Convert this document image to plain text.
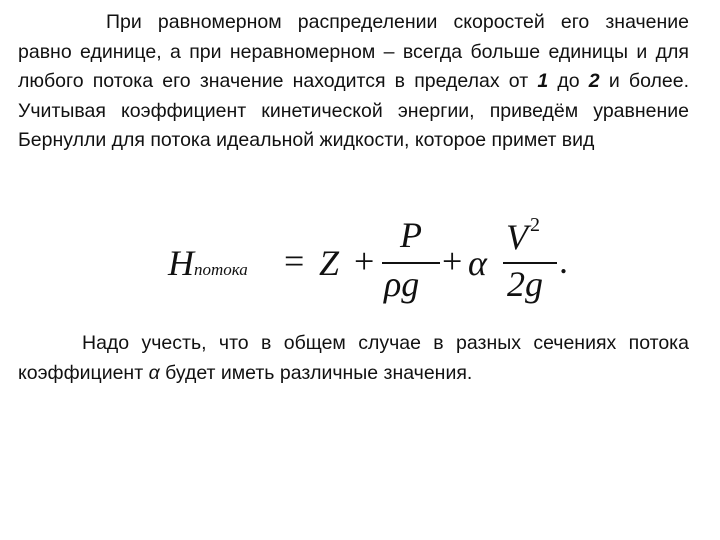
При равномерном распределении скоростей его значение равно единице, а при неравномерном – всегда больше единицы и для любого потока его значение находится в пределах от 1 до 2 и более. Учитывая коэффициент кинетической энергии, приведём уравнение Бернулли для потока идеальной жидкости, которое примет вид
Hпотока = Z +
P
ρg
+ α
V $^2$
2g
.
Надо учесть, что в общем случае в разных сечениях потока коэффициент α будет иметь различные значения.
